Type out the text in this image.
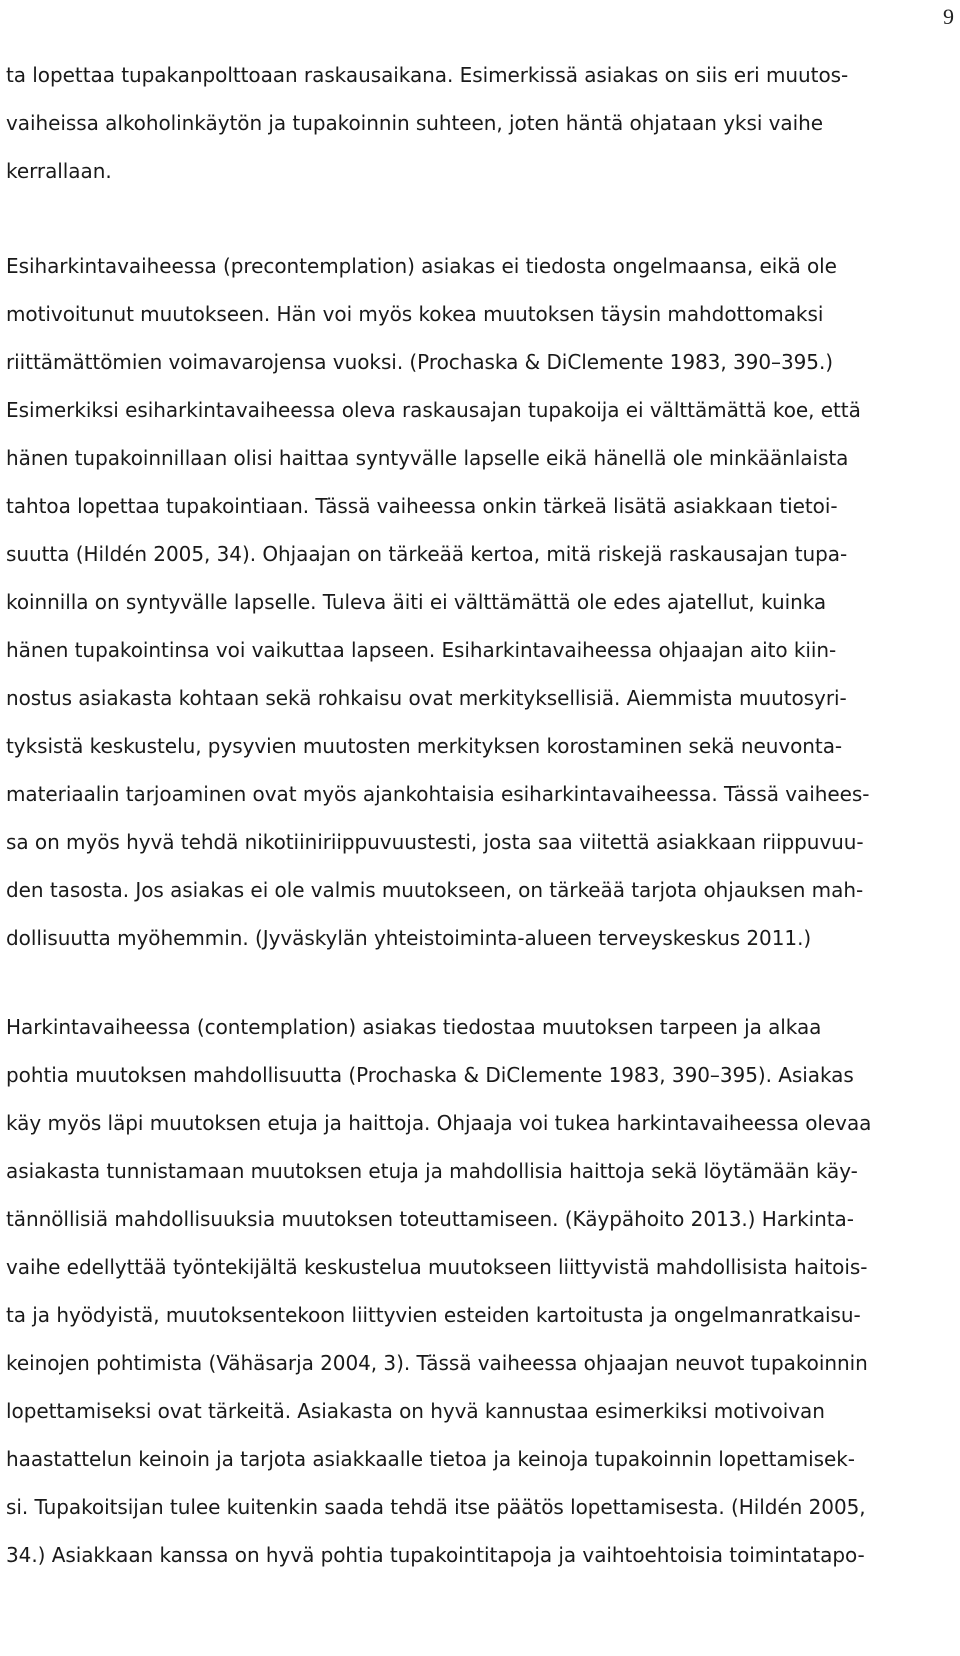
9
ta lopettaa tupakanpolttoaan raskausaikana. Esimerkissä asiakas on siis eri muutos-
vaiheissa alkoholinkäytön ja tupakoinnin suhteen, joten häntä ohjataan yksi vaihe
kerrallaan.
Esiharkintavaiheessa (precontemplation) asiakas ei tiedosta ongelmaansa, eikä ole
motivoitunut muutokseen. Hän voi myös kokea muutoksen täysin mahdottomaksi
riittämättömien voimavarojensa vuoksi. (Prochaska & DiClemente 1983, 390–395.)
Esimerkiksi esiharkintavaiheessa oleva raskausajan tupakoija ei välttämättä koe, että
hänen tupakoinnillaan olisi haittaa syntyvälle lapselle eikä hänellä ole minkäänlaista
tahtoa lopettaa tupakointiaan. Tässä vaiheessa onkin tärkeä lisätä asiakkaan tietoi-
suutta (Hildén 2005, 34). Ohjaajan on tärkeää kertoa, mitä riskejä raskausajan tupa-
koinnilla on syntyvälle lapselle. Tuleva äiti ei välttämättä ole edes ajatellut, kuinka
hänen tupakointinsa voi vaikuttaa lapseen. Esiharkintavaiheessa ohjaajan aito kiin-
nostus asiakasta kohtaan sekä rohkaisu ovat merkityksellisiä. Aiemmista muutosyri-
tyksistä keskustelu, pysyvien muutosten merkityksen korostaminen sekä neuvonta-
materiaalin tarjoaminen ovat myös ajankohtaisia esiharkintavaiheessa. Tässä vaihees-
sa on myös hyvä tehdä nikotiiniriippuvuustesti, josta saa viitettä asiakkaan riippuvuu-
den tasosta. Jos asiakas ei ole valmis muutokseen, on tärkeää tarjota ohjauksen mah-
dollisuutta myöhemmin. (Jyväskylän yhteistoiminta-alueen terveyskeskus 2011.)
Harkintavaiheessa (contemplation) asiakas tiedostaa muutoksen tarpeen ja alkaa
pohtia muutoksen mahdollisuutta (Prochaska & DiClemente 1983, 390–395). Asiakas
käy myös läpi muutoksen etuja ja haittoja. Ohjaaja voi tukea harkintavaiheessa olevaa
asiakasta tunnistamaan muutoksen etuja ja mahdollisia haittoja sekä löytämään käy-
tännöllisiä mahdollisuuksia muutoksen toteuttamiseen. (Käypähoito 2013.) Harkinta-
vaihe edellyttää työntekijältä keskustelua muutokseen liittyvistä mahdollisista haitois-
ta ja hyödyistä, muutoksentekoon liittyvien esteiden kartoitusta ja ongelmanratkaisu-
keinojen pohtimista (Vähäsarja 2004, 3). Tässä vaiheessa ohjaajan neuvot tupakoinnin
lopettamiseksi ovat tärkeitä. Asiakasta on hyvä kannustaa esimerkiksi motivoivan
haastattelun keinoin ja tarjota asiakkaalle tietoa ja keinoja tupakoinnin lopettamisek-
si. Tupakoitsijan tulee kuitenkin saada tehdä itse päätös lopettamisesta. (Hildén 2005,
34.) Asiakkaan kanssa on hyvä pohtia tupakointitapoja ja vaihtoehtoisia toimintatapo-
